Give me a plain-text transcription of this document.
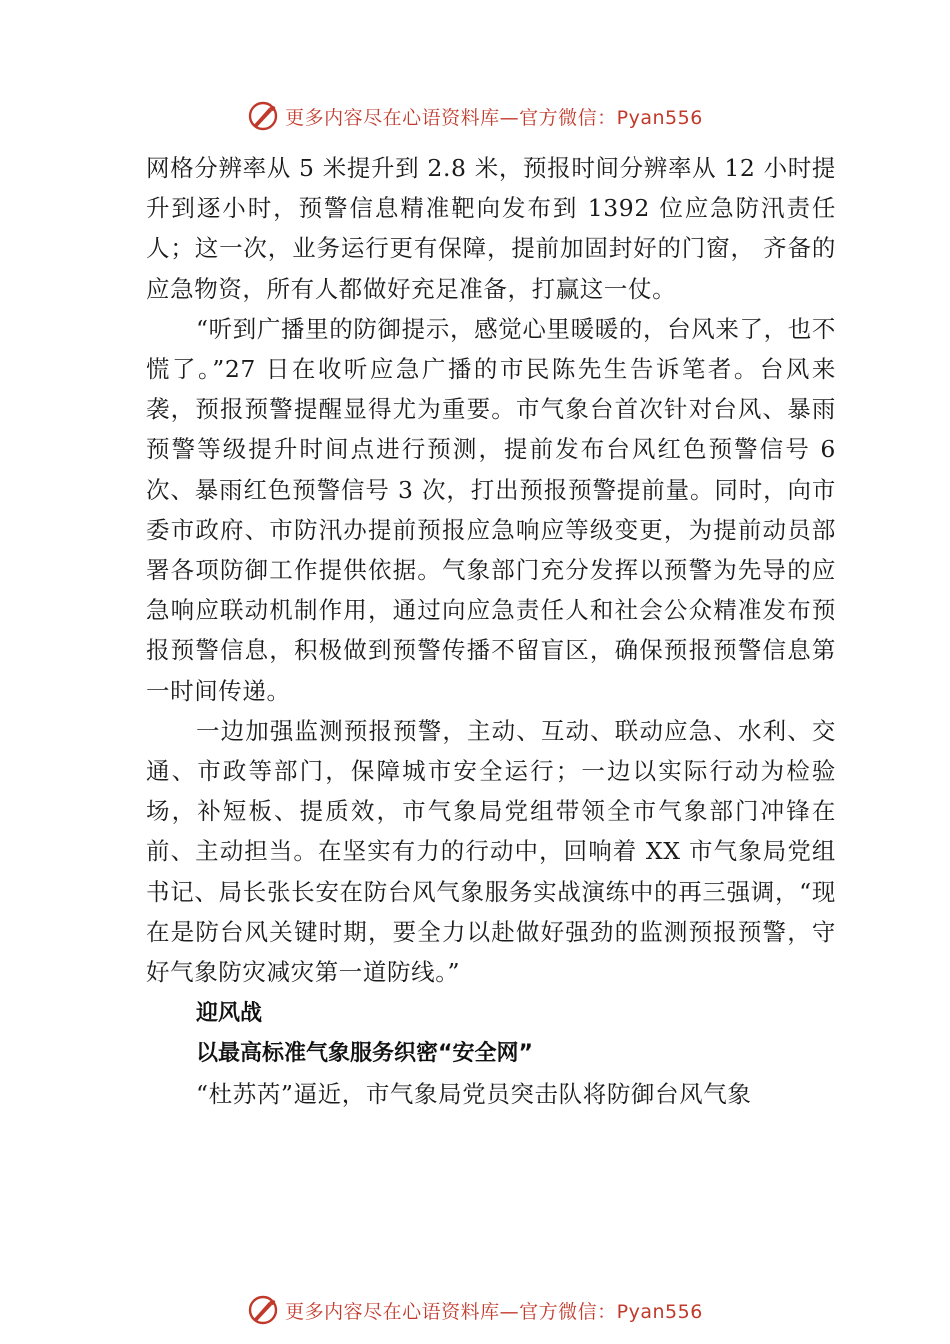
更多内容尽在心语资料库—官方微信：Pyan556

网格分辨率从 5 米提升到 2.8 米，预报时间分辨率从 12 小时提升到逐小时，预警信息精准靶向发布到 1392 位应急防汛责任人；这一次，业务运行更有保障，提前加固封好的门窗， 齐备的应急物资，所有人都做好充足准备，打赢这一仗。

“听到广播里的防御提示，感觉心里暖暖的，台风来了，也不慌了。”27 日在收听应急广播的市民陈先生告诉笔者。台风来袭，预报预警提醒显得尤为重要。市气象台首次针对台风、暴雨预警等级提升时间点进行预测，提前发布台风红色预警信号 6 次、暴雨红色预警信号 3 次，打出预报预警提前量。同时，向市委市政府、市防汛办提前预报应急响应等级变更，为提前动员部署各项防御工作提供依据。气象部门充分发挥以预警为先导的应急响应联动机制作用，通过向应急责任人和社会公众精准发布预报预警信息，积极做到预警传播不留盲区，确保预报预警信息第一时间传递。

一边加强监测预报预警，主动、互动、联动应急、水利、交通、市政等部门，保障城市安全运行；一边以实际行动为检验场，补短板、提质效，市气象局党组带领全市气象部门冲锋在前、主动担当。在坚实有力的行动中，回响着 XX 市气象局党组书记、局长张长安在防台风气象服务实战演练中的再三强调，“现在是防台风关键时期，要全力以赴做好强劲的监测预报预警，守好气象防灾减灾第一道防线。”

迎风战

以最高标准气象服务织密“安全网”

“杜苏芮”逼近，市气象局党员突击队将防御台风气象

更多内容尽在心语资料库—官方微信：Pyan556
